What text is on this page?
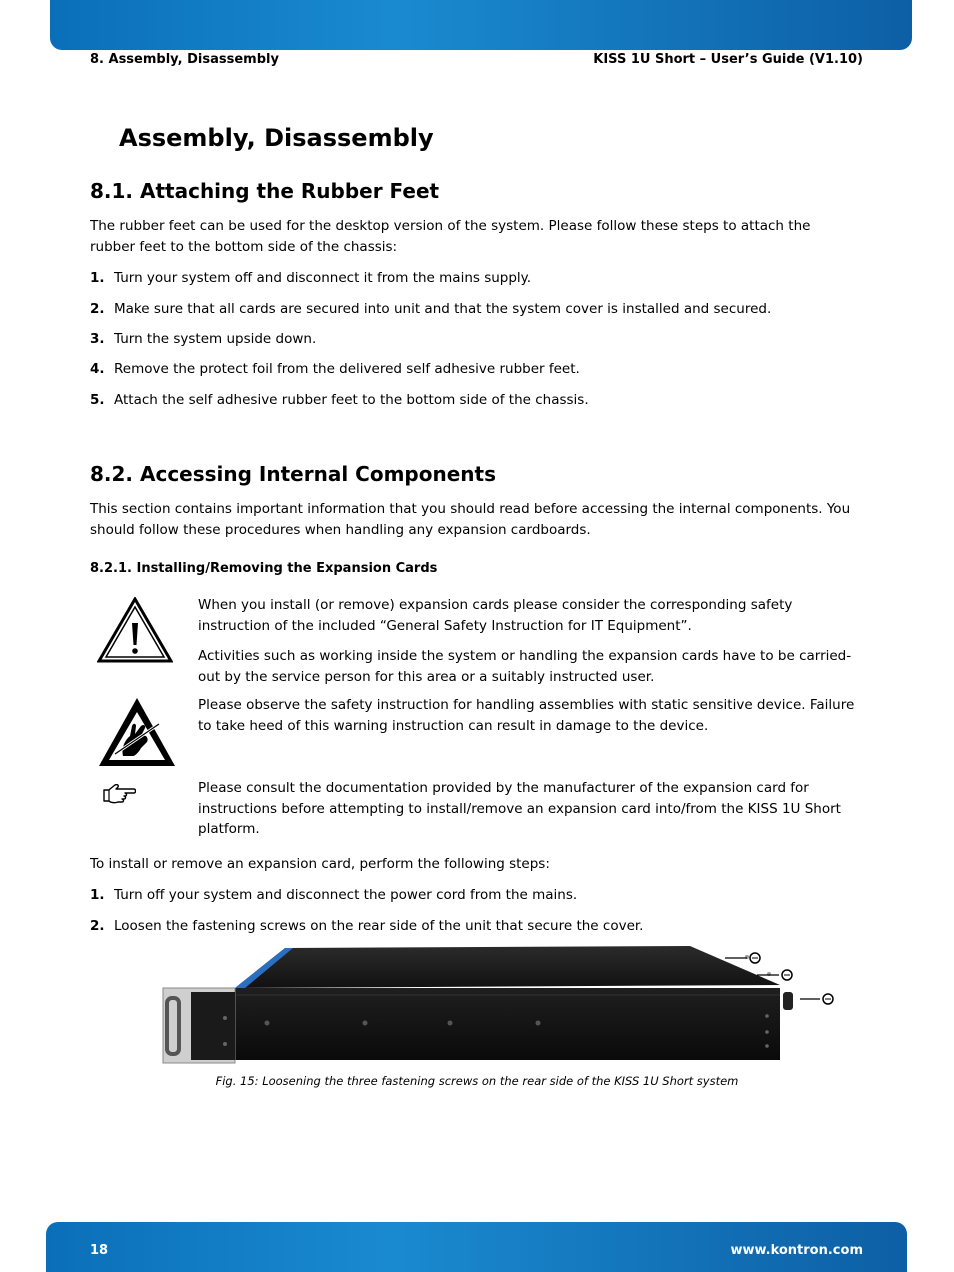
8. Assembly, Disassembly	KISS 1U Short – User’s Guide (V1.10)
Assembly, Disassembly
8.1. Attaching the Rubber Feet
The rubber feet can be used for the desktop version of the system. Please follow these steps to attach the rubber feet to the bottom side of the chassis:
1. Turn your system off and disconnect it from the mains supply.
2. Make sure that all cards are secured into unit and that the system cover is installed and secured.
3. Turn the system upside down.
4. Remove the protect foil from the delivered self adhesive rubber feet.
5. Attach the self adhesive rubber feet to the bottom side of the chassis.
8.2. Accessing Internal Components
This section contains important information that you should read before accessing the internal components. You should follow these procedures when handling any expansion cardboards.
8.2.1. Installing/Removing the Expansion Cards
When you install (or remove) expansion cards please consider the corresponding safety instruction of the included “General Safety Instruction for IT Equipment”.
Activities such as working inside the system or handling the expansion cards have to be carried-out by the service person for this area or a suitably instructed user.
Please observe the safety instruction for handling assemblies with static sensitive device. Failure to take heed of this warning instruction can result in damage to the device.
Please consult the documentation provided by the manufacturer of the expansion card for instructions before attempting to install/remove an expansion card into/from the KISS 1U Short platform.
To install or remove an expansion card, perform the following steps:
1. Turn off your system and disconnect the power cord from the mains.
2. Loosen the fastening screws on the rear side of the unit that secure the cover.
Fig. 15: Loosening the three fastening screws on the rear side of the KISS 1U Short system
18	www.kontron.com
